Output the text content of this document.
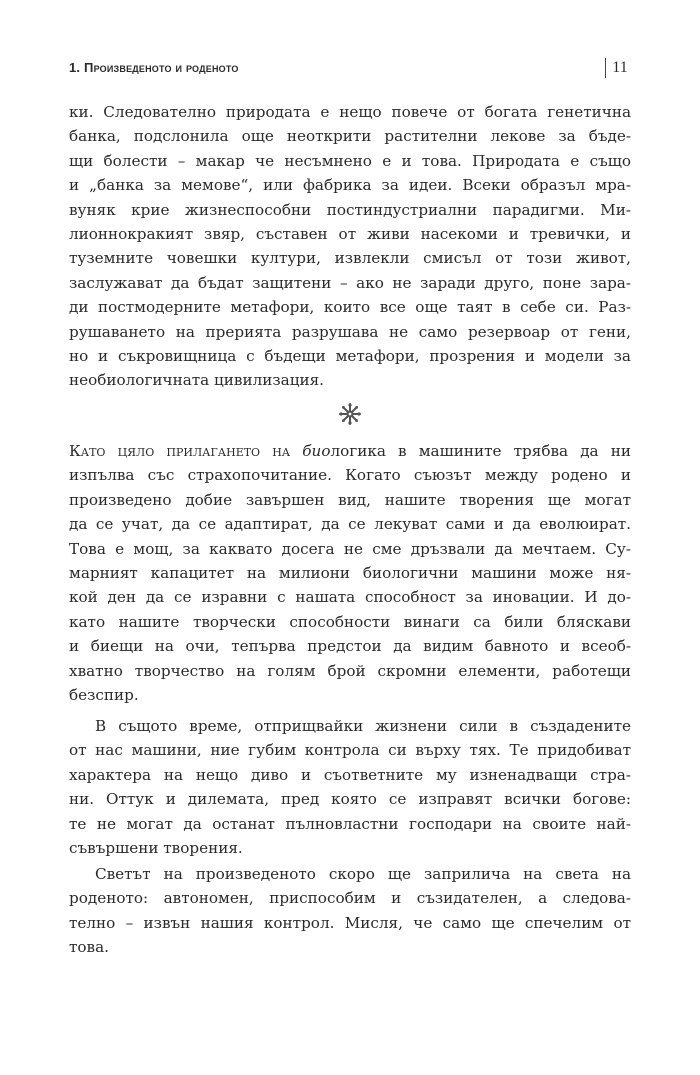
1. Произведеното и роденото	11
ки. Следователно природата е нещо повече от богата генетична
банка, подслонила още неоткрити растителни лекове за бъде-
щи болести – макар че несъмнено е и това. Природата е също
и „банка за мемове“, или фабрика за идеи. Всеки образъл мра-
вуняк крие жизнеспособни постиндустриални парадигми. Ми-
лионнокракият звяр, съставен от живи насекоми и тревички, и
туземните човешки култури, извлекли смисъл от този живот,
заслужават да бъдат защитени – ако не заради друго, поне зара-
ди постмодерните метафори, които все още таят в себе си. Раз-
рушаването на прерията разрушава не само резервоар от гени,
но и съкровищница с бъдещи метафори, прозрения и модели за
необиологичната цивилизация.
Като цяло прилагането на биологика в машините трябва да ни
изпълва със страхопочитание. Когато съюзът между родено и
произведено добие завършен вид, нашите творения ще могат
да се учат, да се адаптират, да се лекуват сами и да еволюират.
Това е мощ, за каквато досега не сме дръзвали да мечтаем. Су-
марният капацитет на милиони биологични машини може ня-
кой ден да се изравни с нашата способност за иновации. И до-
като нашите творчески способности винаги са били бляскави
и биещи на очи, тепърва предстои да видим бавното и всеоб-
хватно творчество на голям брой скромни елементи, работещи
безспир.
В същото време, отприщвайки жизнени сили в създадените
от нас машини, ние губим контрола си върху тях. Те придобиват
характера на нещо диво и съответните му изненадващи стра-
ни. Оттук и дилемата, пред която се изправят всички богове:
те не могат да останат пълновластни господари на своите най-
съвършени творения.
Светът на произведеното скоро ще заприлича на света на
роденото: автономен, приспособим и съзидателен, а следова-
телно – извън нашия контрол. Мисля, че само ще спечелим от
това.
